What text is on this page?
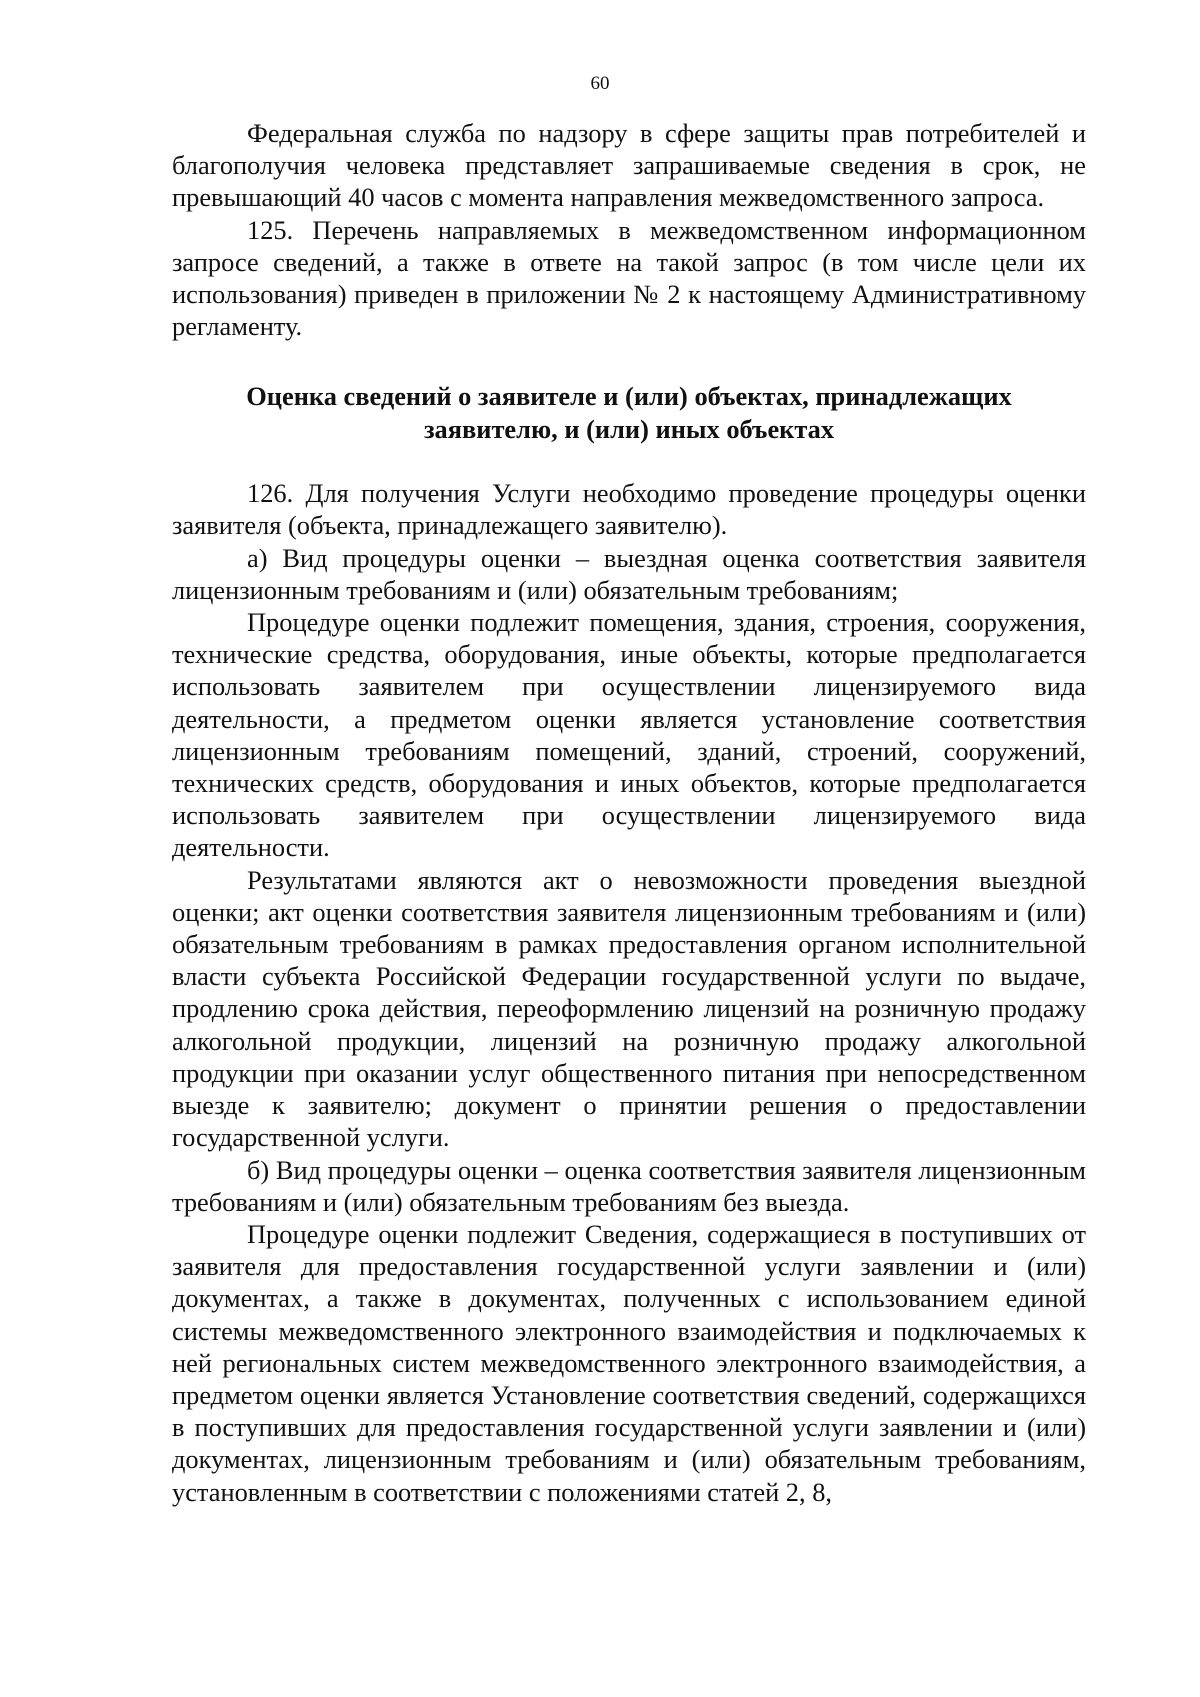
60

Федеральная служба по надзору в сфере защиты прав потребителей и благополучия человека представляет запрашиваемые сведения в срок, не превышающий 40 часов с момента направления межведомственного запроса.

125. Перечень направляемых в межведомственном информационном запросе сведений, а также в ответе на такой запрос (в том числе цели их использования) приведен в приложении № 2 к настоящему Административному регламенту.

Оценка сведений о заявителе и (или) объектах, принадлежащих
заявителю, и (или) иных объектах

126. Для получения Услуги необходимо проведение процедуры оценки заявителя (объекта, принадлежащего заявителю).

а) Вид процедуры оценки – выездная оценка соответствия заявителя лицензионным требованиям и (или) обязательным требованиям;

Процедуре оценки подлежит помещения, здания, строения, сооружения, технические средства, оборудования, иные объекты, которые предполагается использовать заявителем при осуществлении лицензируемого вида деятельности, а предметом оценки является установление соответствия лицензионным требованиям помещений, зданий, строений, сооружений, технических средств, оборудования и иных объектов, которые предполагается использовать заявителем при осуществлении лицензируемого вида деятельности.

Результатами являются акт о невозможности проведения выездной оценки; акт оценки соответствия заявителя лицензионным требованиям и (или) обязательным требованиям в рамках предоставления органом исполнительной власти субъекта Российской Федерации государственной услуги по выдаче, продлению срока действия, переоформлению лицензий на розничную продажу алкогольной продукции, лицензий на розничную продажу алкогольной продукции при оказании услуг общественного питания при непосредственном выезде к заявителю; документ о принятии решения о предоставлении государственной услуги.

б) Вид процедуры оценки – оценка соответствия заявителя лицензионным требованиям и (или) обязательным требованиям без выезда.

Процедуре оценки подлежит Сведения, содержащиеся в поступивших от заявителя для предоставления государственной услуги заявлении и (или) документах, а также в документах, полученных с использованием единой системы межведомственного электронного взаимодействия и подключаемых к ней региональных систем межведомственного электронного взаимодействия, а предметом оценки является Установление соответствия сведений, содержащихся в поступивших для предоставления государственной услуги заявлении и (или) документах, лицензионным требованиям и (или) обязательным требованиям, установленным в соответствии с положениями статей 2, 8,
